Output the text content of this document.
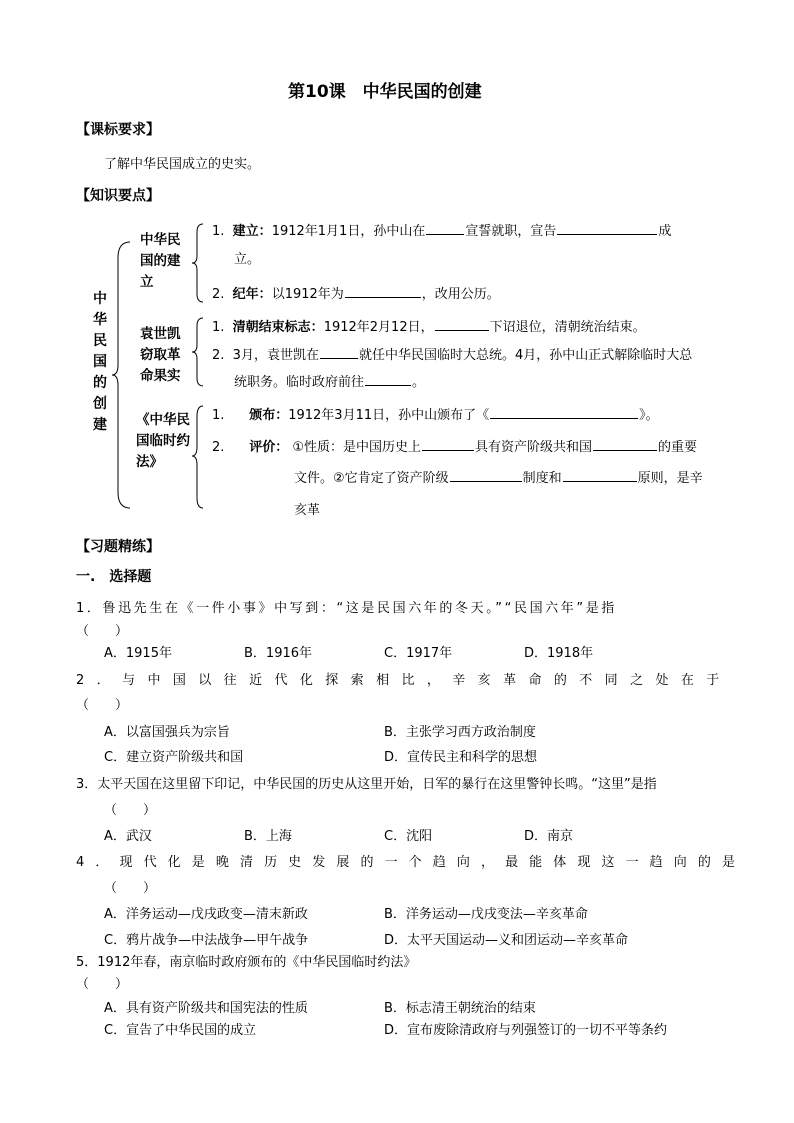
第10课　中华民国的创建
【课标要求】
了解中华民国成立的史实。
【知识要点】
中华民国的创建
中华民国的建立
1. 建立：1912年1月1日，孙中山在	宣誓就职，宣告	成
立。
2. 纪年：以1912年为	，改用公历。
袁世凯窃取革命果实
1. 清朝结束标志：1912年2月12日，	下诏退位，清朝统治结束。
2. 3月，袁世凯在	就任中华民国临时大总统。4月，孙中山正式解除临时大总
统职务。临时政府前往	。
《中华民国临时约法》
1. 颁布：1912年3月11日，孙中山颁布了《	》。
2. 评价： ①性质：是中国历史上	具有资产阶级共和国	的重要
文件。②它肯定了资产阶级	制度和	原则，是辛
亥革
【习题精练】
一.　选择题
1．鲁迅先生在《一件小事》中写到：“这是民国六年的冬天。”“民国六年”是指
（　　）
A．1915年	B．1916年	C．1917年	D．1918年
2．与中国以往近代化探索相比，辛亥革命的不同之处在于
（　　）
A．以富国强兵为宗旨	B．主张学习西方政治制度
C．建立资产阶级共和国	D．宣传民主和科学的思想
3．太平天国在这里留下印记，中华民国的历史从这里开始，日军的暴行在这里警钟长鸣。“这里”是指
（　　）
A．武汉	B．上海	C．沈阳	D．南京
4．现代化是晚清历史发展的一个趋向，最能体现这一趋向的是
（　　）
A．洋务运动—戊戌政变—清末新政	B．洋务运动—戊戌变法—辛亥革命
C．鸦片战争—中法战争—甲午战争	D．太平天国运动—义和团运动—辛亥革命
5．1912年春，南京临时政府颁布的《中华民国临时约法》
（　　）
A．具有资产阶级共和国宪法的性质	B．标志清王朝统治的结束
C．宣告了中华民国的成立	D．宣布废除清政府与列强签订的一切不平等条约
